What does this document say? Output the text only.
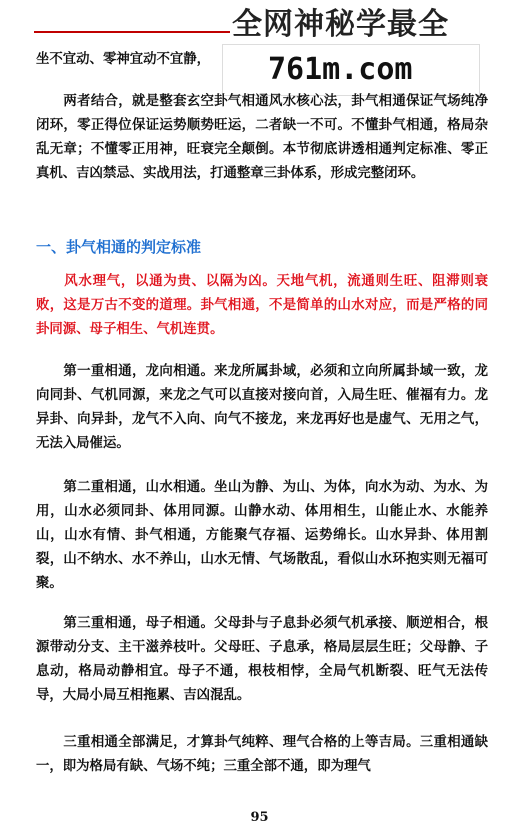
全网神秘学最全

坐不宜动、零神宜动不宜静，	761m.com

　　两者结合，就是整套玄空卦气相通风水核心法，卦气相通保证气场纯净闭环，零正得位保证运势顺势旺运，二者缺一不可。不懂卦气相通，格局杂乱无章；不懂零正用神，旺衰完全颠倒。本节彻底讲透相通判定标准、零正真机、吉凶禁忌、实战用法，打通整章三卦体系，形成完整闭环。

一、卦气相通的判定标准

　　风水理气，以通为贵、以隔为凶。天地气机，流通则生旺、阻滞则衰败，这是万古不变的道理。卦气相通，不是简单的山水对应，而是严格的同卦同源、母子相生、气机连贯。

　　第一重相通，龙向相通。来龙所属卦域，必须和立向所属卦域一致，龙向同卦、气机同源，来龙之气可以直接对接向首，入局生旺、催福有力。龙异卦、向异卦，龙气不入向、向气不接龙，来龙再好也是虚气、无用之气，无法入局催运。

　　第二重相通，山水相通。坐山为静、为山、为体，向水为动、为水、为用，山水必须同卦、体用同源。山静水动、体用相生，山能止水、水能养山，山水有情、卦气相通，方能聚气存福、运势绵长。山水异卦、体用割裂，山不纳水、水不养山，山水无情、气场散乱，看似山水环抱实则无福可聚。

　　第三重相通，母子相通。父母卦与子息卦必须气机承接、顺逆相合，根源带动分支、主干滋养枝叶。父母旺、子息承，格局层层生旺；父母静、子息动，格局动静相宜。母子不通，根枝相悖，全局气机断裂、旺气无法传导，大局小局互相拖累、吉凶混乱。

　　三重相通全部满足，才算卦气纯粹、理气合格的上等吉局。三重相通缺一，即为格局有缺、气场不纯；三重全部不通，即为理气

95
